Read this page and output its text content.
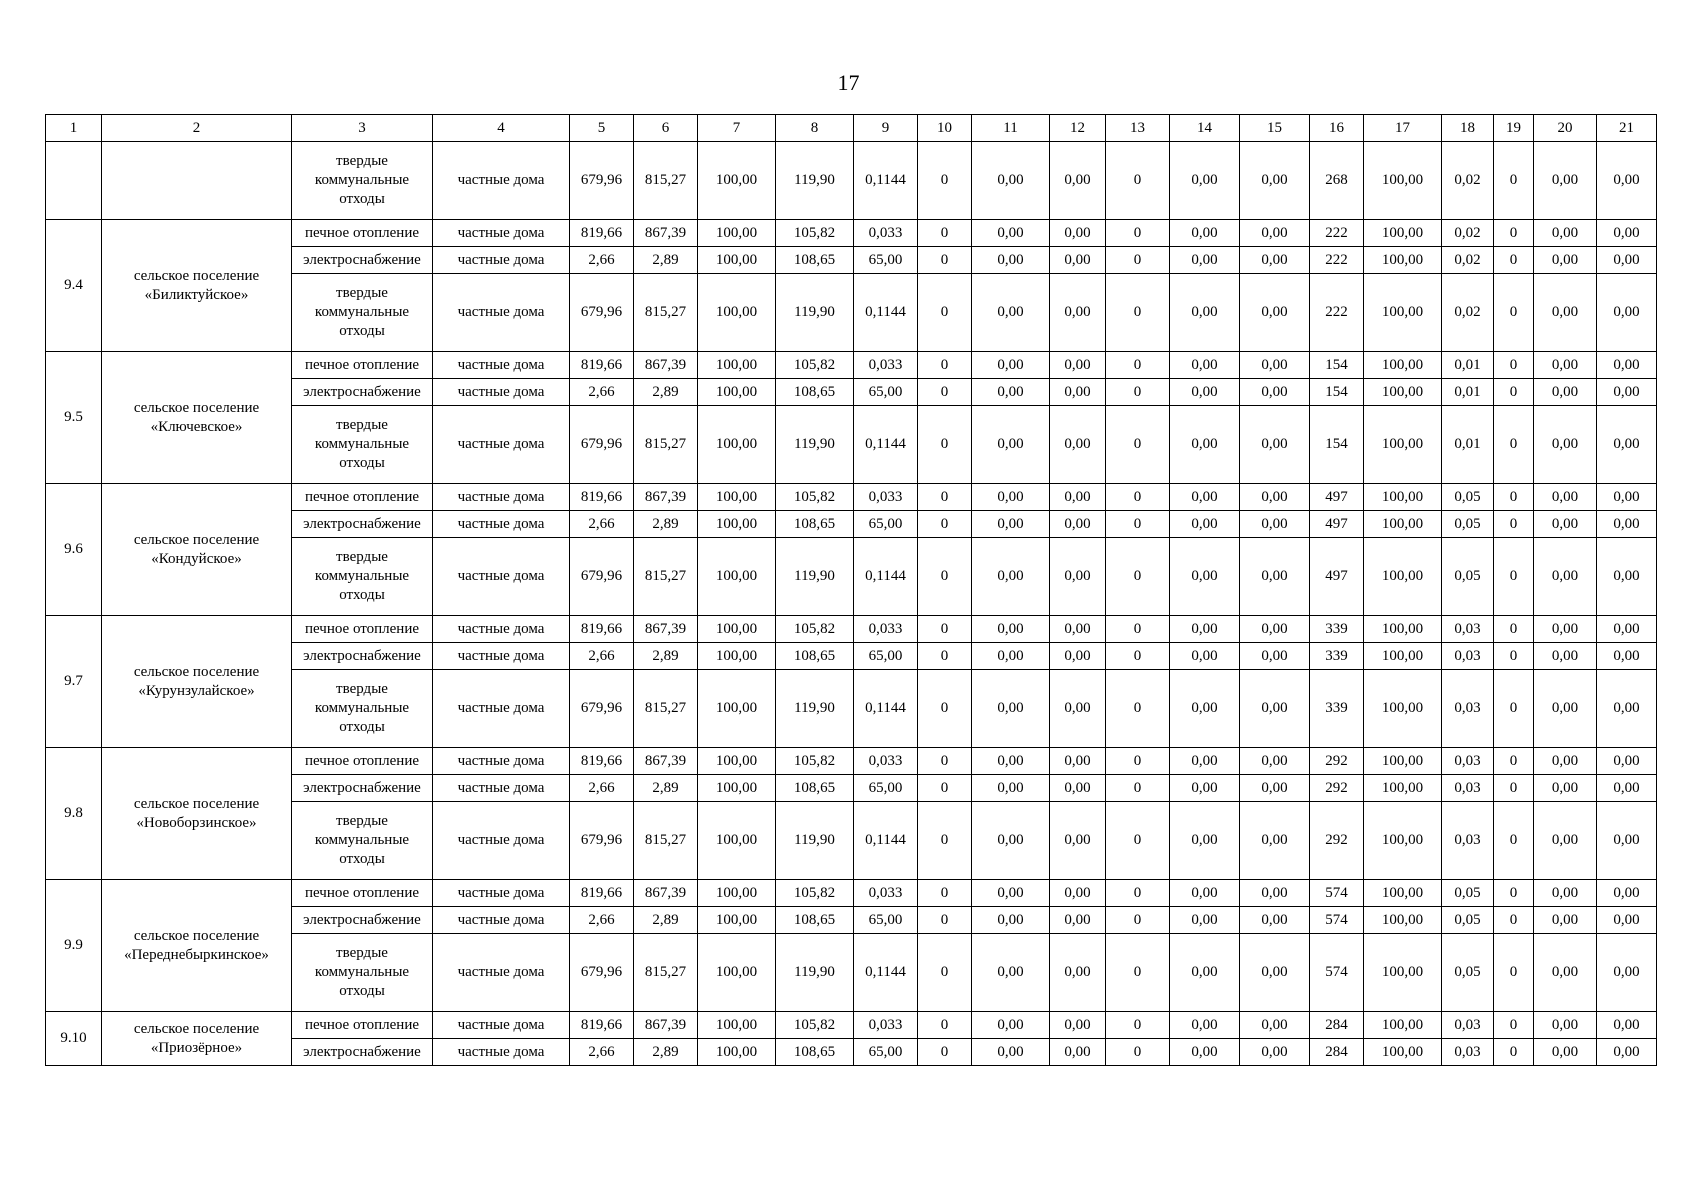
17
1	2	3	4	5	6	7	8	9	10	11	12	13	14	15	16	17	18	19	20	21
		твердые коммунальные отходы	частные дома	679,96	815,27	100,00	119,90	0,1144	0	0,00	0,00	0	0,00	0,00	268	100,00	0,02	0	0,00	0,00
9.4	сельское поселение «Биликтуйское»	печное отопление	частные дома	819,66	867,39	100,00	105,82	0,033	0	0,00	0,00	0	0,00	0,00	222	100,00	0,02	0	0,00	0,00
		электроснабжение	частные дома	2,66	2,89	100,00	108,65	65,00	0	0,00	0,00	0	0,00	0,00	222	100,00	0,02	0	0,00	0,00
		твердые коммунальные отходы	частные дома	679,96	815,27	100,00	119,90	0,1144	0	0,00	0,00	0	0,00	0,00	222	100,00	0,02	0	0,00	0,00
9.5	сельское поселение «Ключевское»	печное отопление	частные дома	819,66	867,39	100,00	105,82	0,033	0	0,00	0,00	0	0,00	0,00	154	100,00	0,01	0	0,00	0,00
		электроснабжение	частные дома	2,66	2,89	100,00	108,65	65,00	0	0,00	0,00	0	0,00	0,00	154	100,00	0,01	0	0,00	0,00
		твердые коммунальные отходы	частные дома	679,96	815,27	100,00	119,90	0,1144	0	0,00	0,00	0	0,00	0,00	154	100,00	0,01	0	0,00	0,00
9.6	сельское поселение «Кондуйское»	печное отопление	частные дома	819,66	867,39	100,00	105,82	0,033	0	0,00	0,00	0	0,00	0,00	497	100,00	0,05	0	0,00	0,00
		электроснабжение	частные дома	2,66	2,89	100,00	108,65	65,00	0	0,00	0,00	0	0,00	0,00	497	100,00	0,05	0	0,00	0,00
		твердые коммунальные отходы	частные дома	679,96	815,27	100,00	119,90	0,1144	0	0,00	0,00	0	0,00	0,00	497	100,00	0,05	0	0,00	0,00
9.7	сельское поселение «Курунзулайское»	печное отопление	частные дома	819,66	867,39	100,00	105,82	0,033	0	0,00	0,00	0	0,00	0,00	339	100,00	0,03	0	0,00	0,00
		электроснабжение	частные дома	2,66	2,89	100,00	108,65	65,00	0	0,00	0,00	0	0,00	0,00	339	100,00	0,03	0	0,00	0,00
		твердые коммунальные отходы	частные дома	679,96	815,27	100,00	119,90	0,1144	0	0,00	0,00	0	0,00	0,00	339	100,00	0,03	0	0,00	0,00
9.8	сельское поселение «Новоборзинское»	печное отопление	частные дома	819,66	867,39	100,00	105,82	0,033	0	0,00	0,00	0	0,00	0,00	292	100,00	0,03	0	0,00	0,00
		электроснабжение	частные дома	2,66	2,89	100,00	108,65	65,00	0	0,00	0,00	0	0,00	0,00	292	100,00	0,03	0	0,00	0,00
		твердые коммунальные отходы	частные дома	679,96	815,27	100,00	119,90	0,1144	0	0,00	0,00	0	0,00	0,00	292	100,00	0,03	0	0,00	0,00
9.9	сельское поселение «Переднебыркинское»	печное отопление	частные дома	819,66	867,39	100,00	105,82	0,033	0	0,00	0,00	0	0,00	0,00	574	100,00	0,05	0	0,00	0,00
		электроснабжение	частные дома	2,66	2,89	100,00	108,65	65,00	0	0,00	0,00	0	0,00	0,00	574	100,00	0,05	0	0,00	0,00
		твердые коммунальные отходы	частные дома	679,96	815,27	100,00	119,90	0,1144	0	0,00	0,00	0	0,00	0,00	574	100,00	0,05	0	0,00	0,00
9.10	сельское поселение «Приозёрное»	печное отопление	частные дома	819,66	867,39	100,00	105,82	0,033	0	0,00	0,00	0	0,00	0,00	284	100,00	0,03	0	0,00	0,00
		электроснабжение	частные дома	2,66	2,89	100,00	108,65	65,00	0	0,00	0,00	0	0,00	0,00	284	100,00	0,03	0	0,00	0,00
